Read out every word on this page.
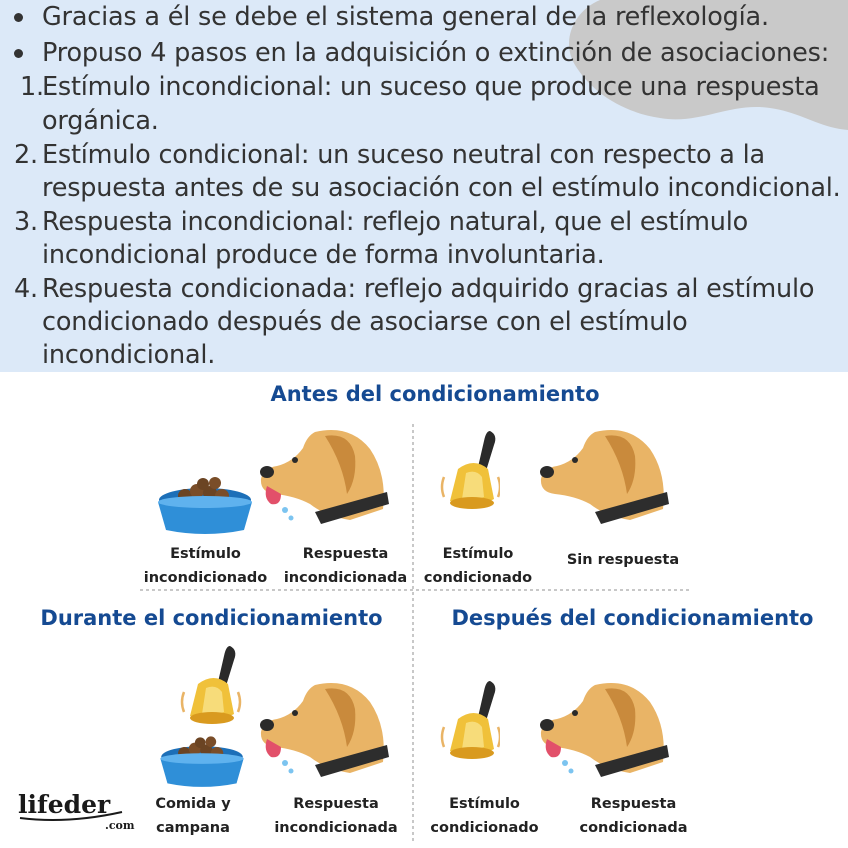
Gracias a él se debe el sistema general de la reflexología.
Propuso 4 pasos en la adquisición o extinción de asociaciones:
1.
Estímulo incondicional: un suceso que produce una respuesta
orgánica.
2. Estímulo condicional: un suceso neutral con respecto a la
respuesta antes de su asociación con el estímulo incondicional.
3. Respuesta incondicional: reflejo natural, que el estímulo
incondicional produce de forma involuntaria.
4. Respuesta condicionada: reflejo adquirido gracias al estímulo
condicionado después de asociarse con el estímulo
incondicional.
Antes del condicionamiento
Durante el condicionamiento	Después del condicionamiento
Estímulo
incondicionado
Respuesta
incondicionada
Estímulo
condicionado
Sin respuesta
Comida y
campana
Respuesta
incondicionada
Estímulo
condicionado
Respuesta
condicionada
lifeder
.com
